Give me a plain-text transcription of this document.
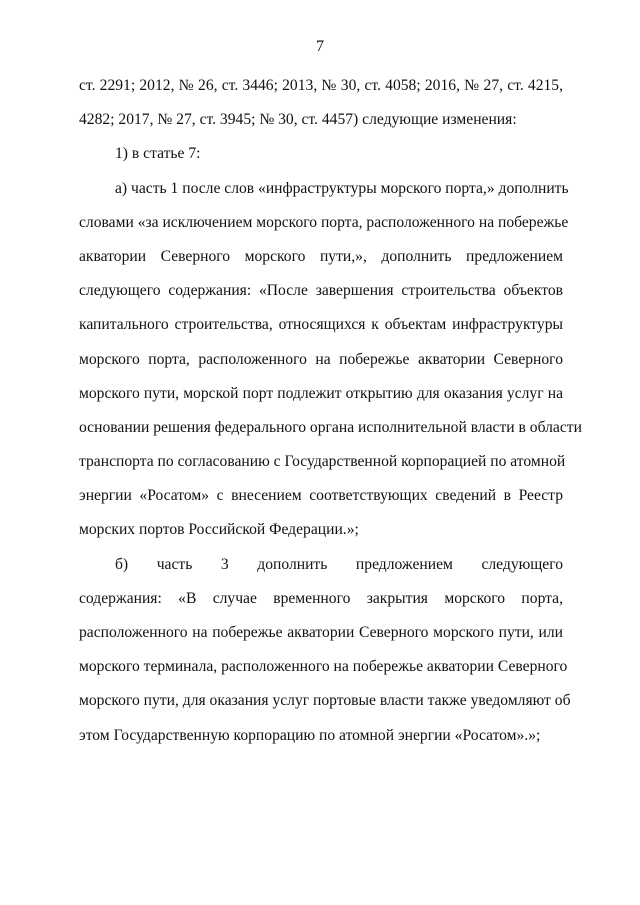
7
ст. 2291; 2012, № 26, ст. 3446; 2013, № 30, ст. 4058; 2016, № 27, ст. 4215,
4282; 2017, № 27, ст. 3945; № 30, ст. 4457) следующие изменения:
1) в статье 7:
а) часть 1 после слов «инфраструктуры морского порта,» дополнить
словами «за исключением морского порта, расположенного на побережье
акватории Северного морского пути,», дополнить предложением
следующего содержания: «После завершения строительства объектов
капитального строительства, относящихся к объектам инфраструктуры
морского порта, расположенного на побережье акватории Северного
морского пути, морской порт подлежит открытию для оказания услуг на
основании решения федерального органа исполнительной власти в области
транспорта по согласованию с Государственной корпорацией по атомной
энергии «Росатом» с внесением соответствующих сведений в Реестр
морских портов Российской Федерации.»;
б) часть 3 дополнить предложением следующего
содержания: «В случае временного закрытия морского порта,
расположенного на побережье акватории Северного морского пути, или
морского терминала, расположенного на побережье акватории Северного
морского пути, для оказания услуг портовые власти также уведомляют об
этом Государственную корпорацию по атомной энергии «Росатом».»;
